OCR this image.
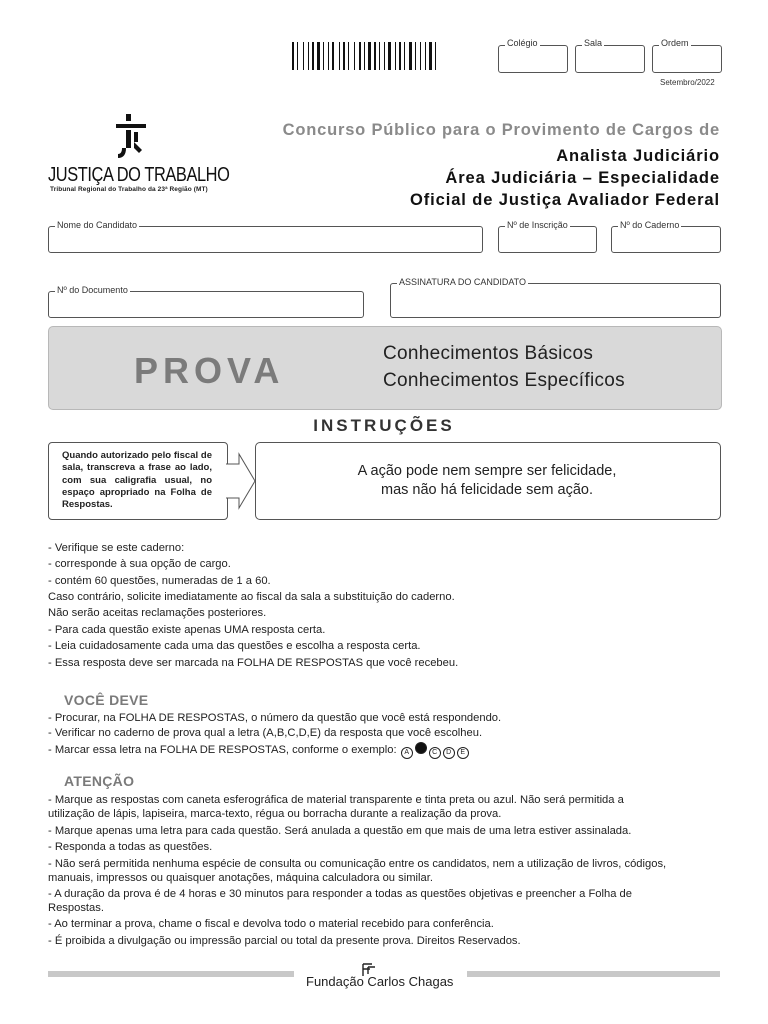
Colégio	Sala	Ordem
Setembro/2022
JUSTIÇA DO TRABALHO
Tribunal Regional do Trabalho da 23ª Região (MT)
Concurso Público para o Provimento de Cargos de
Analista Judiciário
Área Judiciária – Especialidade
Oficial de Justiça Avaliador Federal
Nome do Candidato	Nº de Inscrição	Nº do Caderno
Nº do Documento
ASSINATURA DO CANDIDATO
PROVA	Conhecimentos Básicos
Conhecimentos Específicos
INSTRUÇÕES
Quando autorizado pelo fiscal de sala, transcreva a frase ao lado, com sua caligrafia usual, no espaço apropriado na Folha de Respostas.
A ação pode nem sempre ser felicidade,
mas não há felicidade sem ação.
- Verifique se este caderno:
- corresponde à sua opção de cargo.
- contém 60 questões, numeradas de 1 a 60.
Caso contrário, solicite imediatamente ao fiscal da sala a substituição do caderno.
Não serão aceitas reclamações posteriores.
- Para cada questão existe apenas UMA resposta certa.
- Leia cuidadosamente cada uma das questões e escolha a resposta certa.
- Essa resposta deve ser marcada na FOLHA DE RESPOSTAS que você recebeu.
VOCÊ DEVE
- Procurar, na FOLHA DE RESPOSTAS, o número da questão que você está respondendo.
- Verificar no caderno de prova qual a letra (A,B,C,D,E) da resposta que você escolheu.
- Marcar essa letra na FOLHA DE RESPOSTAS, conforme o exemplo: A	C D E
ATENÇÃO
- Marque as respostas com caneta esferográfica de material transparente e tinta preta ou azul. Não será permitida a
utilização de lápis, lapiseira, marca-texto, régua ou borracha durante a realização da prova.
- Marque apenas uma letra para cada questão. Será anulada a questão em que mais de uma letra estiver assinalada.
- Responda a todas as questões.
- Não será permitida nenhuma espécie de consulta ou comunicação entre os candidatos, nem a utilização de livros, códigos,
manuais, impressos ou quaisquer anotações, máquina calculadora ou similar.
- A duração da prova é de 4 horas e 30 minutos para responder a todas as questões objetivas e preencher a Folha de
Respostas.
- Ao terminar a prova, chame o fiscal e devolva todo o material recebido para conferência.
- É proibida a divulgação ou impressão parcial ou total da presente prova. Direitos Reservados.
Fundação Carlos Chagas
